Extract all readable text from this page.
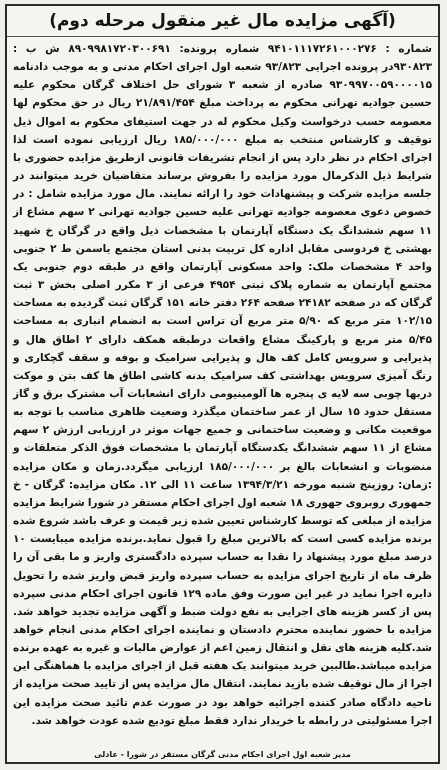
(آگهی مزایده مال غیر منقول مرحله دوم)

شماره : ۹۴۱۰۱۱۱۷۲۶۱۰۰۰۲۷۶ شماره پرونده: ۸۹۰۹۹۸۱۷۲۰۳۰۰۶۹۱ ش ب : ۹۳۰۸۲۳در پرونده اجرایی ۹۳/۸۲۳ شعبه اول اجرای احکام مدنی و به موجب دادنامه ۹۳۰۹۹۷۰۰۵۹۰۰۰۰۱۵ صادره از شعبه ۳ شورای حل اختلاف گرگان محکوم علیه حسین جوادیه تهرانی محکوم به پرداخت مبلغ ۲۱/۸۹۱/۴۵۴ ریال در حق محکوم لها معصومه حسب درخواست وکیل محکوم له در جهت استیفای محکوم به اموال ذیل توقیف و کارشناس منتخب به مبلغ ۱۸۵/۰۰۰/۰۰۰ ریال ارزیابی نموده است لذا اجرای احکام در نظر دارد پس از انجام تشریفات قانونی ازطریق مزایده حضوری با شرایط ذیل الذکرمال مورد مزایده را بفروش برساند متقاضیان خرید میتوانند در جلسه مزایده شرکت و پیشنهادات خود را ارائه نمایند. مال مورد مزایده شامل : در خصوص دعوی معصومه جوادیه تهرانی علیه حسین جوادیه تهرانی ۲ سهم مشاع از ۱۱ سهم ششدانگ یک دستگاه آپارتمان با مشخصات ذیل واقع در گرگان خ شهید بهشتی خ فردوسی مقابل اداره کل تربیت بدنی استان مجتمع یاسمن ط ۲ جنوبی واحد ۴ مشخصات ملک: واحد مسکونی آپارتمان واقع در طبقه دوم جنوبی یک مجتمع آپارتمان به شماره پلاک ثبتی ۴۹۵۴ فرعی از ۳ مکرر اصلی بخش ۳ ثبت گرگان که در صفحه ۲۴۱۸۲ صفحه ۲۶۴ دفتر خانه ۱۵۱ گرگان ثبت گردیده به مساحت ۱۰۲/۱۵ متر مربع که ۵/۹۰ متر مربع آن تراس است به انضمام انباری به مساحت ۵/۴۵ متر مربع و پارکینگ مشاع واقعات درطبقه همکف دارای ۲ اطاق هال و پذیرایی و سرویس کامل کف هال و پذیرایی سرامیک و بوفه و سقف گچکاری و رنگ آمیزی سرویس بهداشتی کف سرامیک بدنه کاشی اطاق ها کف بتن و موکت دربها چوبی سه لایه ی پنجره ها آلومینیومی دارای انشعابات آب مشترک برق و گاز مستقل حدود ۱۵ سال از عمر ساختمان میگذرد وضعیت ظاهری مناسب با توجه به موقعیت مکانی و وضعیت ساختمانی و جمیع جهات موثر در ارزیابی ارزش ۲ سهم مشاع از ۱۱ سهم ششدانگ یکدستگاه آپارتمان با مشخصات فوق الذکر متعلقات و منضوبات و انشعابات بالغ بر ۱۸۵/۰۰۰/۰۰۰ ارزیابی میگردد.زمان و مکان مزایده :زمان: روزپنج شنبه مورخه ۱۳۹۴/۳/۲۱ ساعت ۱۱ الی ۱۲. مکان مزایده: گرگان - خ جمهوری روبروی جهوری ۱۸ شعبه اول اجرای احکام مستقر در شورا شرایط مزایده مزایده از مبلغی که توسط کارشناس تعیین شده زیر قیمت و عرف باشد شروع شده برنده مزایده کسی است که بالاترین مبلغ را قبول نماید.برنده مزایده میبایست ۱۰ درصد مبلغ مورد پیشنهاد را نقدا به حساب سپرده دادگستری واریز و ما بقی آن را ظرف ماه از تاریخ اجرای مزایده به حساب سپرده واریز قبض واریز شده را تحویل دایره اجرا نماید در غیر این صورت وفق ماده ۱۲۹ قانون اجرای احکام مدنی سپرده پس از کسر هزینه های اجرایی به نفع دولت ضبط و آگهی مزایده تجدید خواهد شد. مزایده با حضور نماینده محترم دادستان و نماینده اجرای احکام مدنی انجام خواهد شد.کلیه هزینه های نقل و انتقال زمین اعم از عوارض مالیات و غیره به عهده برنده مزایده میباشد.طالبین خرید میتوانند یک هفته قبل از اجرای مزایده با هماهنگی این اجرا از مال توقیف شده بازید نمایند. انتقال مال مزایده پس از تایید صحت مزایده از ناحیه دادگاه صادر کننده اجرائیه خواهد بود در صورت عدم تائید صحت مزایده این اجرا مسئولیتی در رابطه با خریدار ندارد فقط مبلغ تودیع شده عودت خواهد شد.

مدیر شعبه اول اجرای احکام مدنی گرگان مستقر در شورا - عادلی
